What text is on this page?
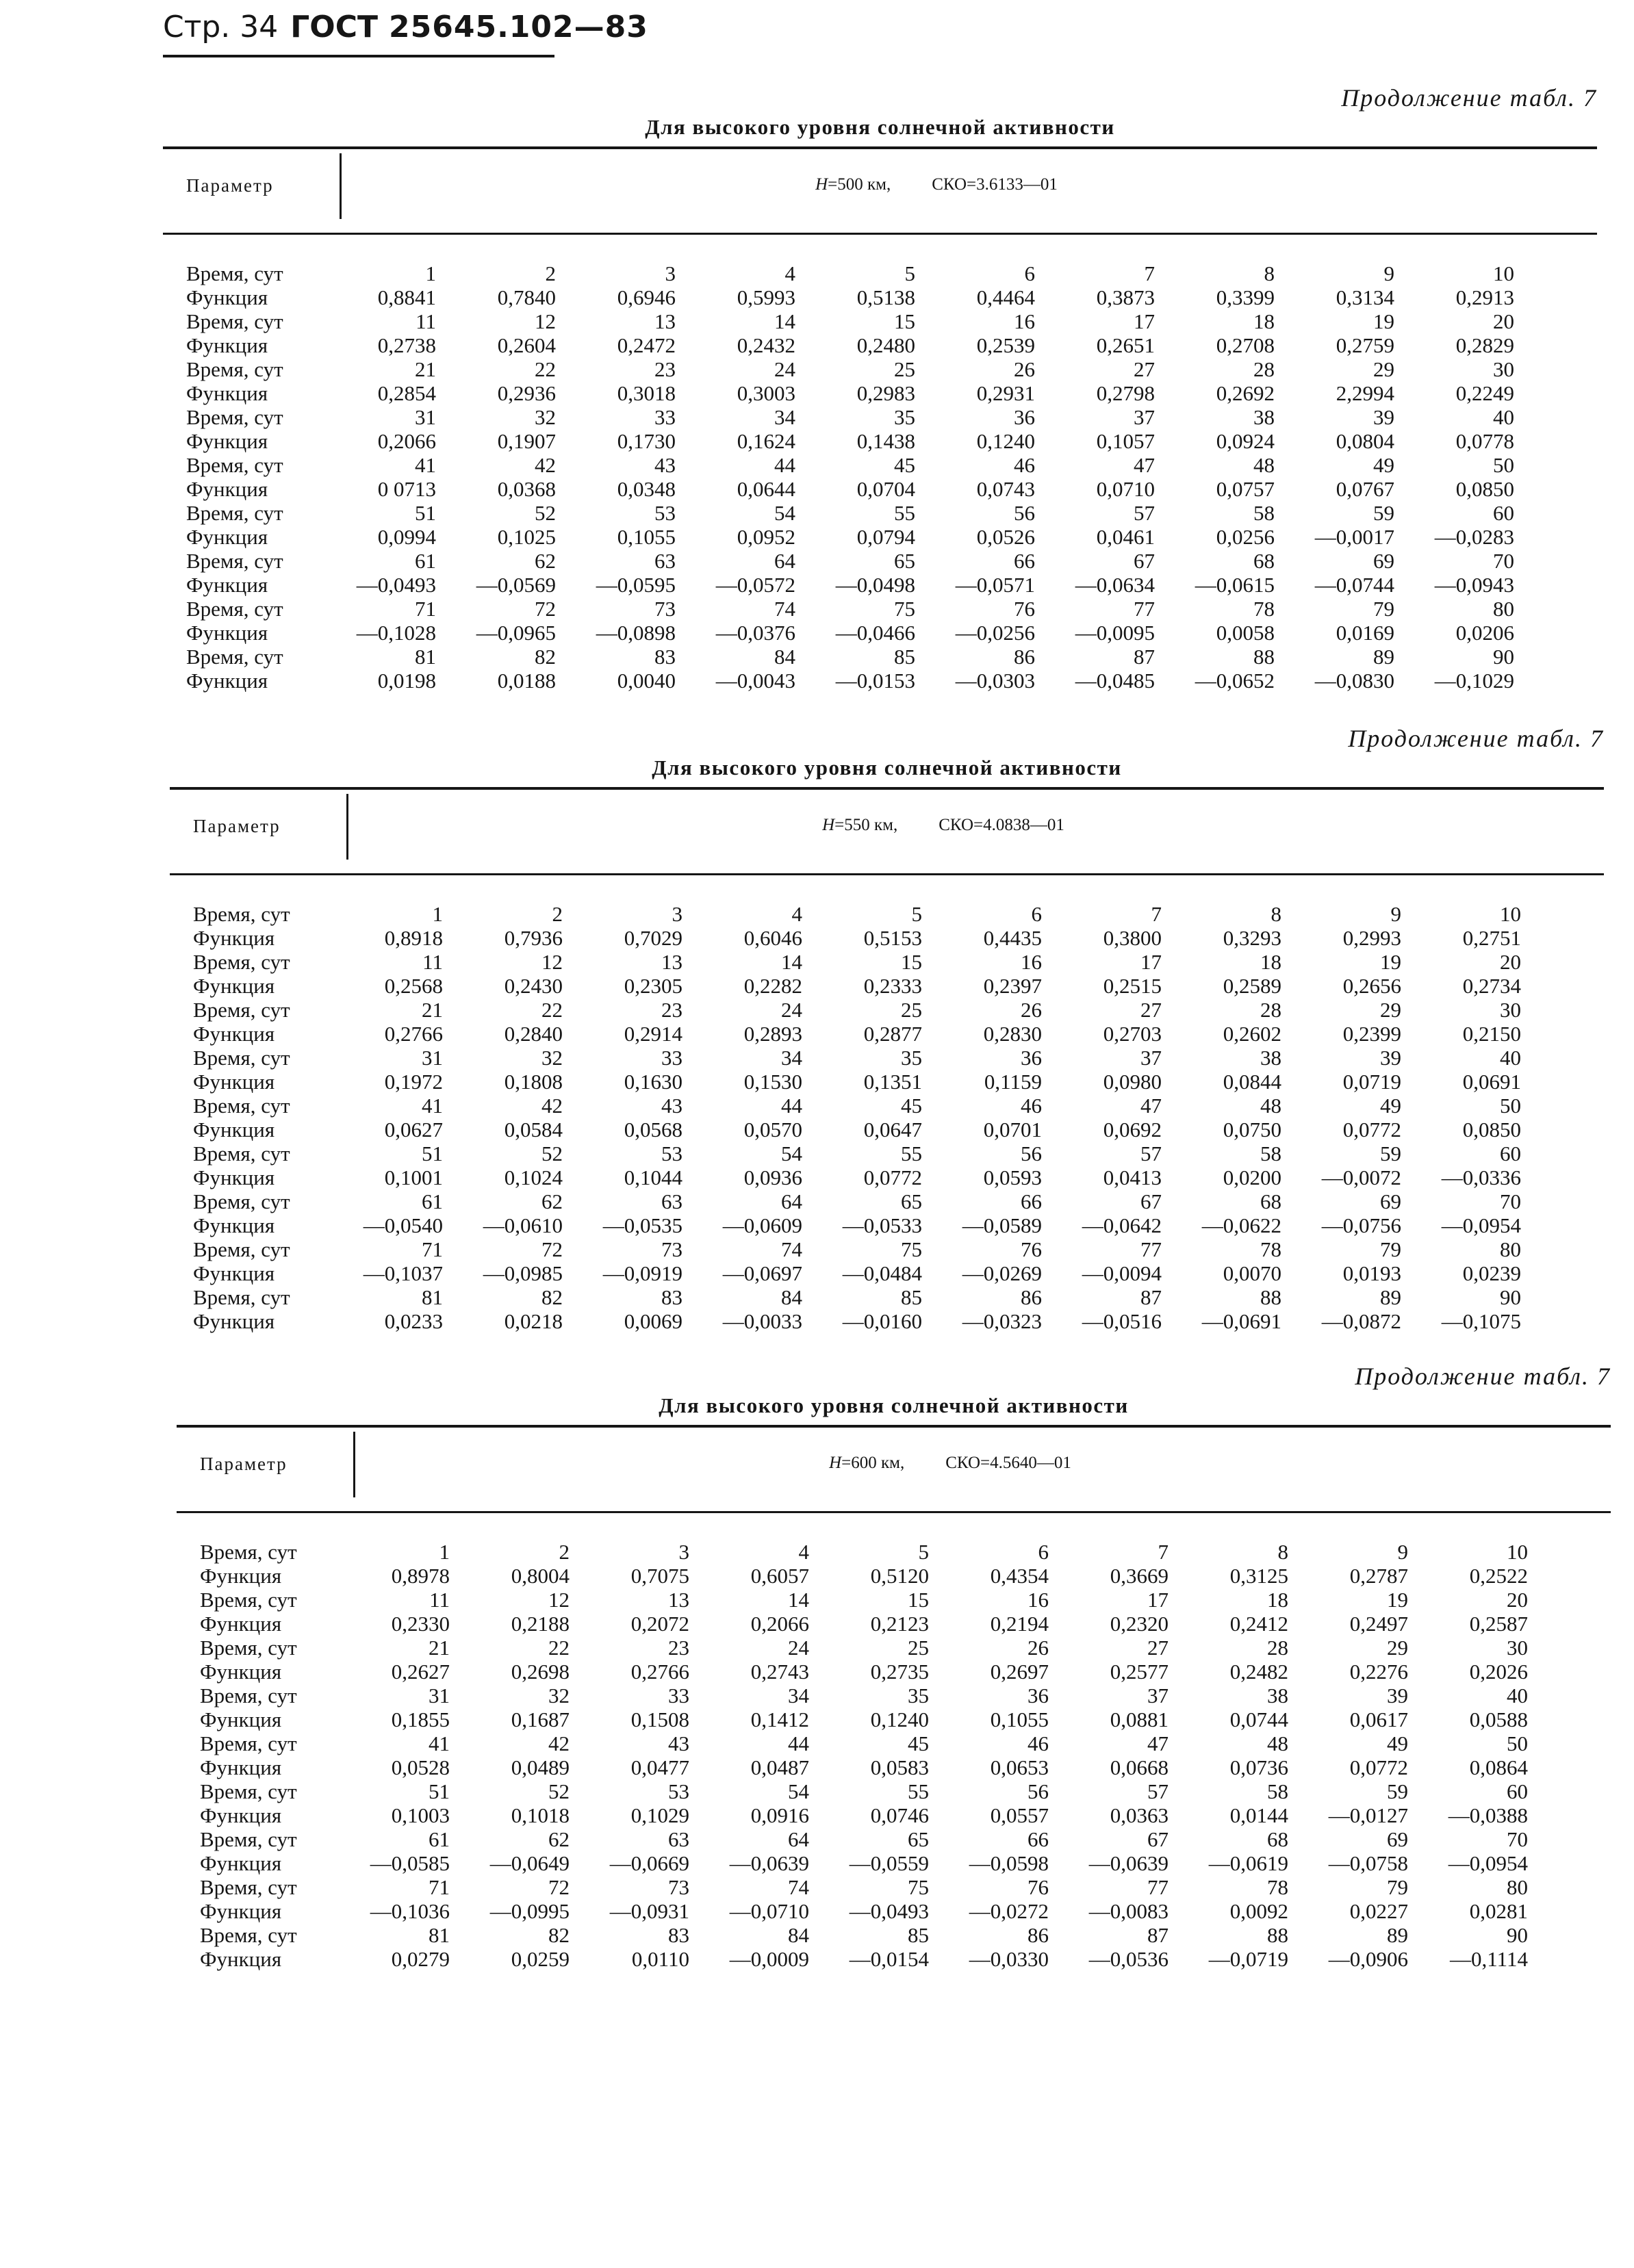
Стр. 34 ГОСТ 25645.102—83
Продолжение табл. 7
Для высокого уровня солнечной активности
Параметр	H=500 км, СКО=3.6133—01
Время, сут	1	2	3	4	5	6	7	8	9	10
Функция	0,8841	0,7840	0,6946	0,5993	0,5138	0,4464	0,3873	0,3399	0,3134	0,2913
Время, сут	11	12	13	14	15	16	17	18	19	20
Функция	0,2738	0,2604	0,2472	0,2432	0,2480	0,2539	0,2651	0,2708	0,2759	0,2829
Время, сут	21	22	23	24	25	26	27	28	29	30
Функция	0,2854	0,2936	0,3018	0,3003	0,2983	0,2931	0,2798	0,2692	2,2994	0,2249
Время, сут	31	32	33	34	35	36	37	38	39	40
Функция	0,2066	0,1907	0,1730	0,1624	0,1438	0,1240	0,1057	0,0924	0,0804	0,0778
Время, сут	41	42	43	44	45	46	47	48	49	50
Функция	0 0713	0,0368	0,0348	0,0644	0,0704	0,0743	0,0710	0,0757	0,0767	0,0850
Время, сут	51	52	53	54	55	56	57	58	59	60
Функция	0,0994	0,1025	0,1055	0,0952	0,0794	0,0526	0,0461	0,0256	—0,0017	—0,0283
Время, сут	61	62	63	64	65	66	67	68	69	70
Функция	—0,0493	—0,0569	—0,0595	—0,0572	—0,0498	—0,0571	—0,0634	—0,0615	—0,0744	—0,0943
Время, сут	71	72	73	74	75	76	77	78	79	80
Функция	—0,1028	—0,0965	—0,0898	—0,0376	—0,0466	—0,0256	—0,0095	0,0058	0,0169	0,0206
Время, сут	81	82	83	84	85	86	87	88	89	90
Функция	0,0198	0,0188	0,0040	—0,0043	—0,0153	—0,0303	—0,0485	—0,0652	—0,0830	—0,1029
Продолжение табл. 7
Для высокого уровня солнечной активности
Параметр	H=550 км, СКО=4.0838—01
Время, сут	1	2	3	4	5	6	7	8	9	10
Функция	0,8918	0,7936	0,7029	0,6046	0,5153	0,4435	0,3800	0,3293	0,2993	0,2751
Время, сут	11	12	13	14	15	16	17	18	19	20
Функция	0,2568	0,2430	0,2305	0,2282	0,2333	0,2397	0,2515	0,2589	0,2656	0,2734
Время, сут	21	22	23	24	25	26	27	28	29	30
Функция	0,2766	0,2840	0,2914	0,2893	0,2877	0,2830	0,2703	0,2602	0,2399	0,2150
Время, сут	31	32	33	34	35	36	37	38	39	40
Функция	0,1972	0,1808	0,1630	0,1530	0,1351	0,1159	0,0980	0,0844	0,0719	0,0691
Время, сут	41	42	43	44	45	46	47	48	49	50
Функция	0,0627	0,0584	0,0568	0,0570	0,0647	0,0701	0,0692	0,0750	0,0772	0,0850
Время, сут	51	52	53	54	55	56	57	58	59	60
Функция	0,1001	0,1024	0,1044	0,0936	0,0772	0,0593	0,0413	0,0200	—0,0072	—0,0336
Время, сут	61	62	63	64	65	66	67	68	69	70
Функция	—0,0540	—0,0610	—0,0535	—0,0609	—0,0533	—0,0589	—0,0642	—0,0622	—0,0756	—0,0954
Время, сут	71	72	73	74	75	76	77	78	79	80
Функция	—0,1037	—0,0985	—0,0919	—0,0697	—0,0484	—0,0269	—0,0094	0,0070	0,0193	0,0239
Время, сут	81	82	83	84	85	86	87	88	89	90
Функция	0,0233	0,0218	0,0069	—0,0033	—0,0160	—0,0323	—0,0516	—0,0691	—0,0872	—0,1075
Продолжение табл. 7
Для высокого уровня солнечной активности
Параметр	H=600 км, СКО=4.5640—01
Время, сут	1	2	3	4	5	6	7	8	9	10
Функция	0,8978	0,8004	0,7075	0,6057	0,5120	0,4354	0,3669	0,3125	0,2787	0,2522
Время, сут	11	12	13	14	15	16	17	18	19	20
Функция	0,2330	0,2188	0,2072	0,2066	0,2123	0,2194	0,2320	0,2412	0,2497	0,2587
Время, сут	21	22	23	24	25	26	27	28	29	30
Функция	0,2627	0,2698	0,2766	0,2743	0,2735	0,2697	0,2577	0,2482	0,2276	0,2026
Время, сут	31	32	33	34	35	36	37	38	39	40
Функция	0,1855	0,1687	0,1508	0,1412	0,1240	0,1055	0,0881	0,0744	0,0617	0,0588
Время, сут	41	42	43	44	45	46	47	48	49	50
Функция	0,0528	0,0489	0,0477	0,0487	0,0583	0,0653	0,0668	0,0736	0,0772	0,0864
Время, сут	51	52	53	54	55	56	57	58	59	60
Функция	0,1003	0,1018	0,1029	0,0916	0,0746	0,0557	0,0363	0,0144	—0,0127	—0,0388
Время, сут	61	62	63	64	65	66	67	68	69	70
Функция	—0,0585	—0,0649	—0,0669	—0,0639	—0,0559	—0,0598	—0,0639	—0,0619	—0,0758	—0,0954
Время, сут	71	72	73	74	75	76	77	78	79	80
Функция	—0,1036	—0,0995	—0,0931	—0,0710	—0,0493	—0,0272	—0,0083	0,0092	0,0227	0,0281
Время, сут	81	82	83	84	85	86	87	88	89	90
Функция	0,0279	0,0259	0,0110	—0,0009	—0,0154	—0,0330	—0,0536	—0,0719	—0,0906	—0,1114
